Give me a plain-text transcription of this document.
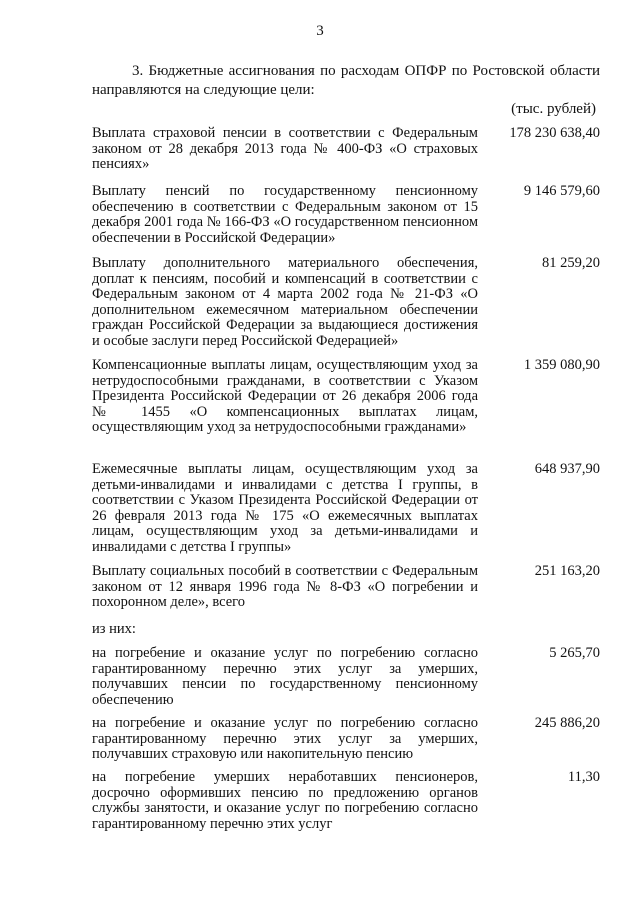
3
3. Бюджетные ассигнования по расходам ОПФР по Ростовской области направляются на следующие цели:
(тыс. рублей)
Выплата страховой пенсии в соответствии с Федеральным законом от 28 декабря 2013 года № 400-ФЗ «О страховых пенсиях»
178 230 638,40
Выплату пенсий по государственному пенсионному обеспечению в соответствии с Федеральным законом от 15 декабря 2001 года № 166-ФЗ «О государственном пенсионном обеспечении в Российской Федерации»
9 146 579,60
Выплату дополнительного материального обеспечения, доплат к пенсиям, пособий и компенсаций в соответствии с Федеральным законом от 4 марта 2002 года № 21-ФЗ «О дополнительном ежемесячном материальном обеспечении граждан Российской Федерации за выдающиеся достижения и особые заслуги перед Российской Федерацией»
81 259,20
Компенсационные выплаты лицам, осуществляющим уход за нетрудоспособными гражданами, в соответствии с Указом Президента Российской Федерации от 26 декабря 2006 года № 1455 «О компенсационных выплатах лицам, осуществляющим уход за нетрудоспособными гражданами»
1 359 080,90
Ежемесячные выплаты лицам, осуществляющим уход за детьми-инвалидами и инвалидами с детства I группы, в соответствии с Указом Президента Российской Федерации от 26 февраля 2013 года № 175 «О ежемесячных выплатах лицам, осуществляющим уход за детьми-инвалидами и инвалидами с детства I группы»
648 937,90
Выплату социальных пособий в соответствии с Федеральным законом от 12 января 1996 года № 8-ФЗ «О погребении и похоронном деле», всего
251 163,20
из них:
на погребение и оказание услуг по погребению согласно гарантированному перечню этих услуг за умерших, получавших пенсии по государственному пенсионному обеспечению
5 265,70
на погребение и оказание услуг по погребению согласно гарантированному перечню этих услуг за умерших, получавших страховую или накопительную пенсию
245 886,20
на погребение умерших неработавших пенсионеров, досрочно оформивших пенсию по предложению органов службы занятости, и оказание услуг по погребению согласно гарантированному перечню этих услуг
11,30
